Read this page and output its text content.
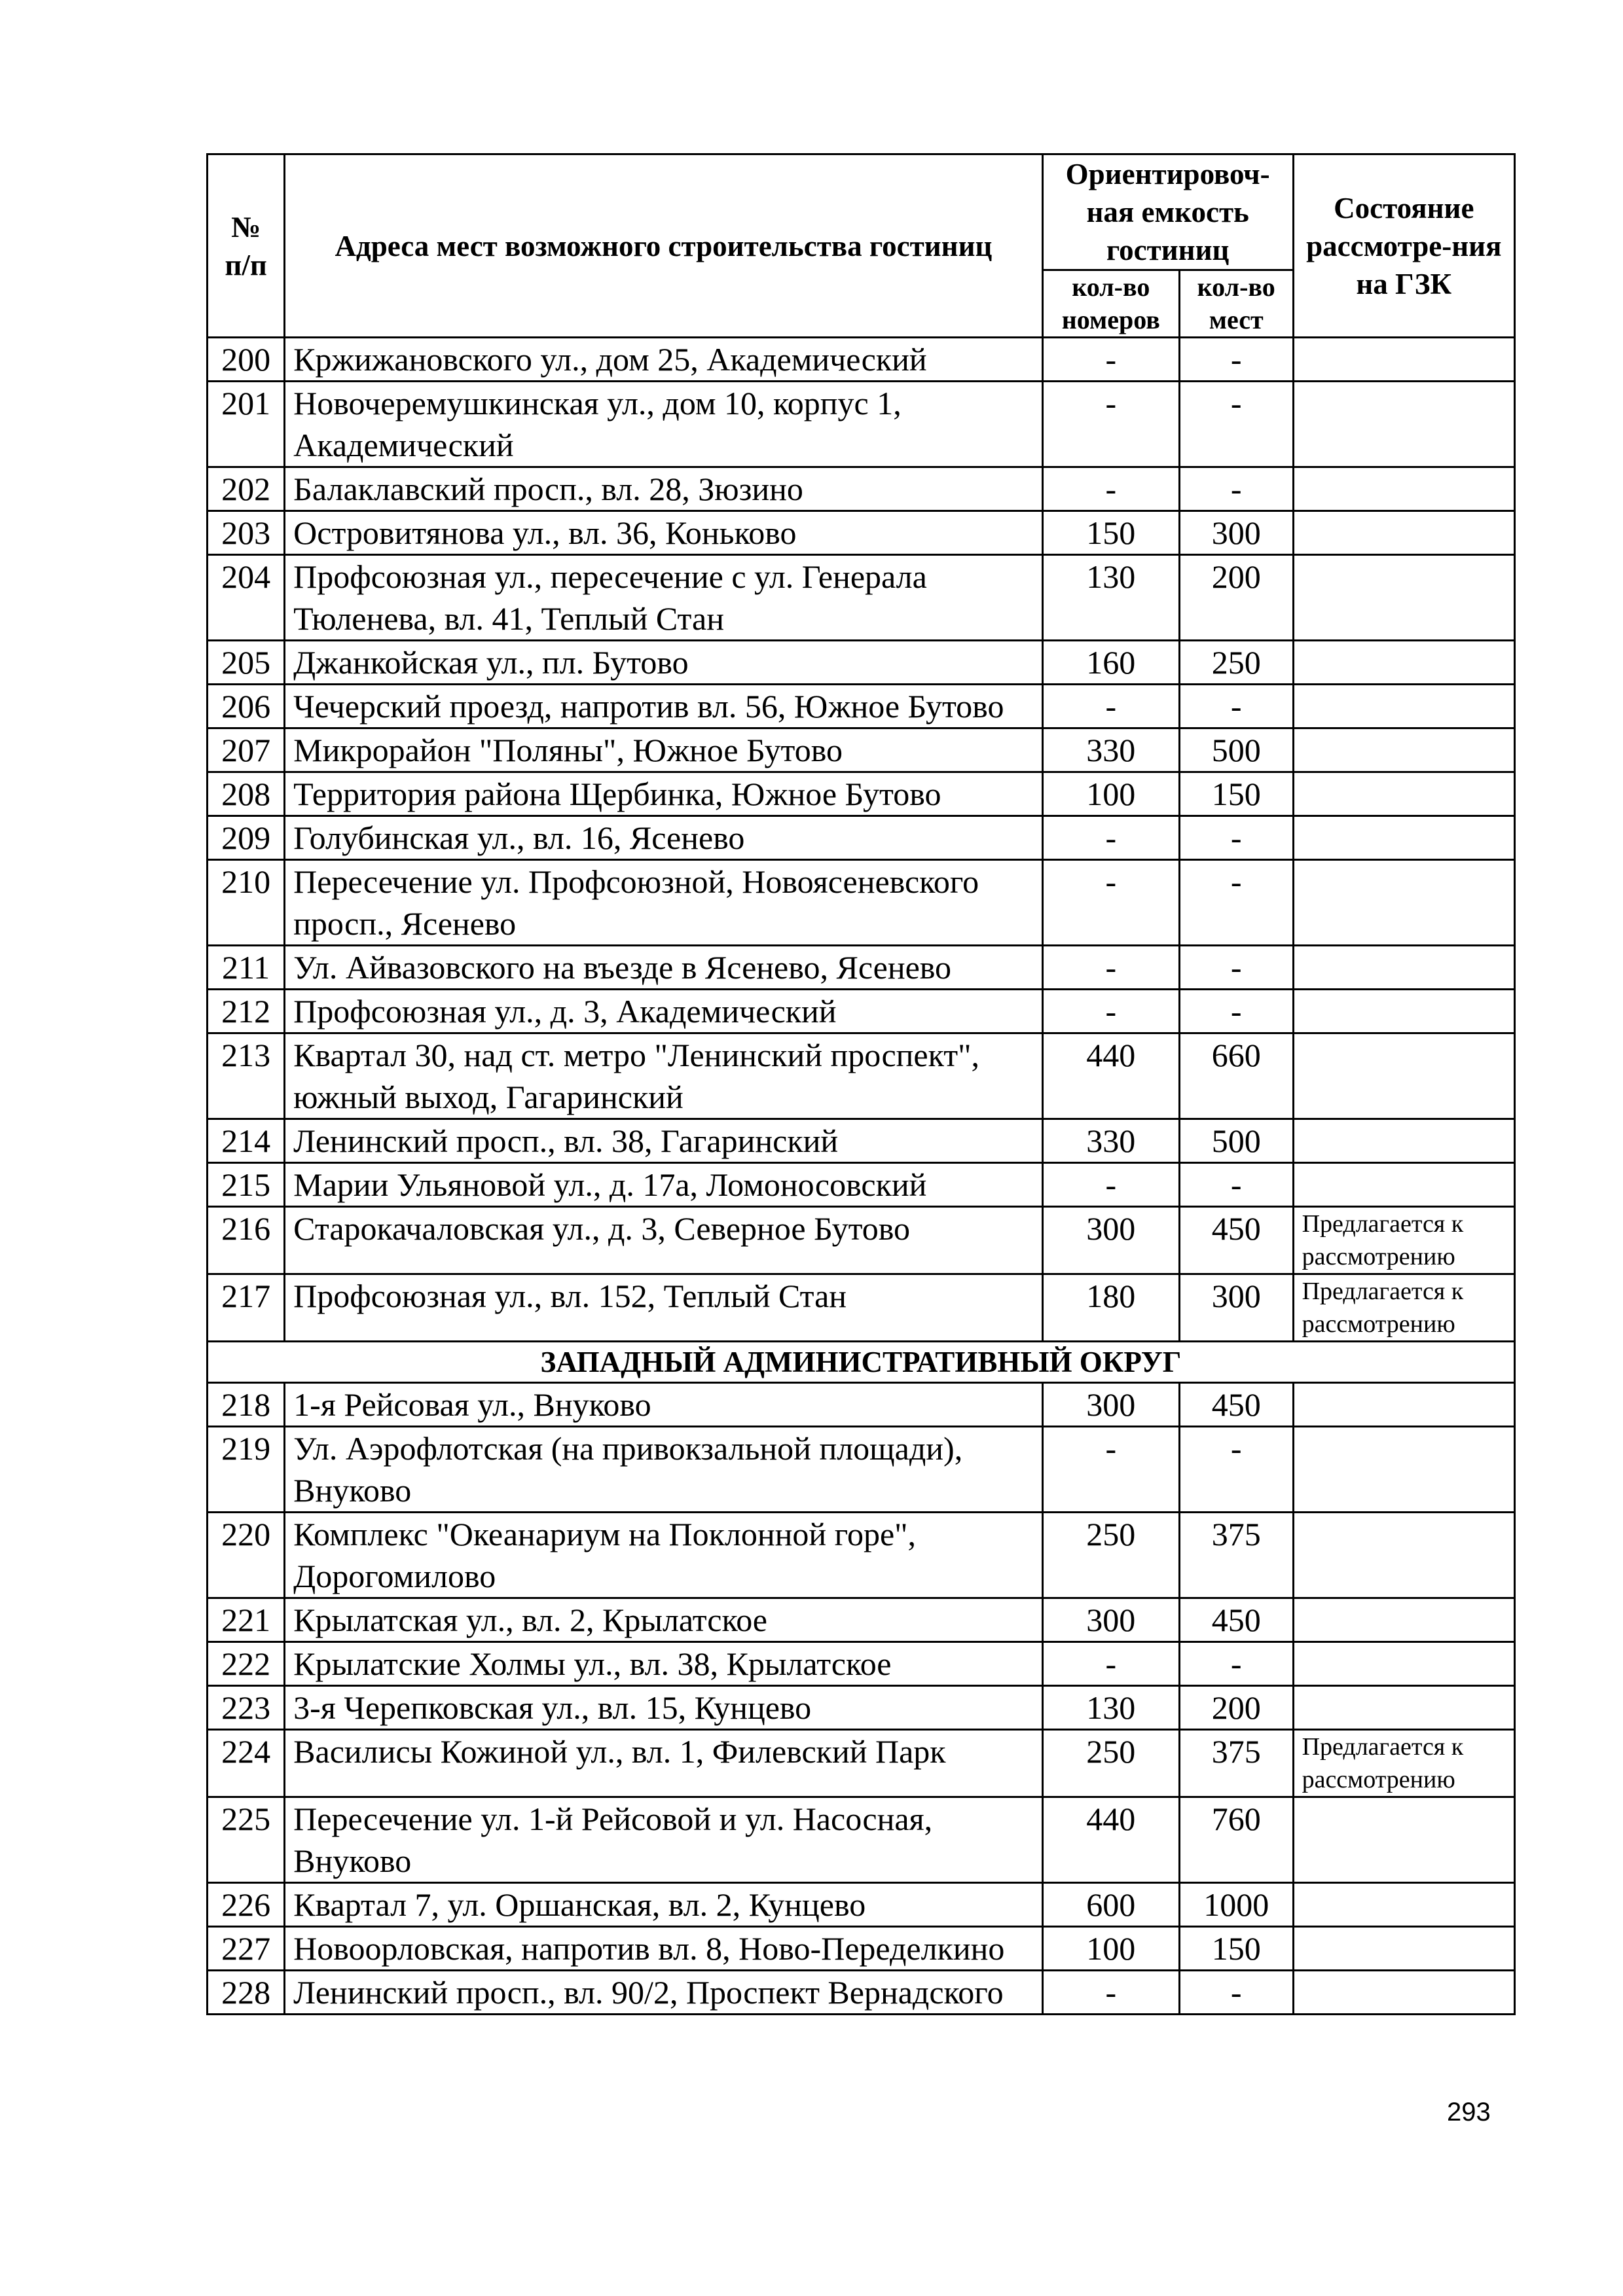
№ п/п	Адреса мест возможного строительства гостиниц	Ориентировоч-ная емкость гостиниц		Состояние рассмотре-ния на ГЗК
		кол-во номеров	кол-во мест	
200	Кржижановского ул., дом 25, Академический	-	-	
201	Новочеремушкинская ул., дом 10, корпус 1, Академический	-	-	
202	Балаклавский просп., вл. 28, Зюзино	-	-	
203	Островитянова ул., вл. 36, Коньково	150	300	
204	Профсоюзная ул., пересечение с ул. Генерала Тюленева, вл. 41, Теплый Стан	130	200	
205	Джанкойская ул., пл. Бутово	160	250	
206	Чечерский проезд, напротив вл. 56, Южное Бутово	-	-	
207	Микрорайон "Поляны", Южное Бутово	330	500	
208	Территория района Щербинка, Южное Бутово	100	150	
209	Голубинская ул., вл. 16, Ясенево	-	-	
210	Пересечение ул. Профсоюзной, Новоясеневского просп., Ясенево	-	-	
211	Ул. Айвазовского на въезде в Ясенево, Ясенево	-	-	
212	Профсоюзная ул., д. 3, Академический	-	-	
213	Квартал 30, над ст. метро "Ленинский проспект", южный выход, Гагаринский	440	660	
214	Ленинский просп., вл. 38, Гагаринский	330	500	
215	Марии Ульяновой ул., д. 17а, Ломоносовский	-	-	
216	Старокачаловская ул., д. 3, Северное Бутово	300	450	Предлагается к рассмотрению
217	Профсоюзная ул., вл. 152, Теплый Стан	180	300	Предлагается к рассмотрению
ЗАПАДНЫЙ АДМИНИСТРАТИВНЫЙ ОКРУГ				
218	1-я Рейсовая ул., Внуково	300	450	
219	Ул. Аэрофлотская (на привокзальной площади), Внуково	-	-	
220	Комплекс "Океанариум на Поклонной горе", Дорогомилово	250	375	
221	Крылатская ул., вл. 2, Крылатское	300	450	
222	Крылатские Холмы ул., вл. 38, Крылатское	-	-	
223	3-я Черепковская ул., вл. 15, Кунцево	130	200	
224	Василисы Кожиной ул., вл. 1, Филевский Парк	250	375	Предлагается к рассмотрению
225	Пересечение ул. 1-й Рейсовой и ул. Насосная, Внуково	440	760	
226	Квартал 7, ул. Оршанская, вл. 2, Кунцево	600	1000	
227	Новоорловская, напротив вл. 8, Ново-Переделкино	100	150	
228	Ленинский просп., вл. 90/2, Проспект Вернадского	-	-	
293
